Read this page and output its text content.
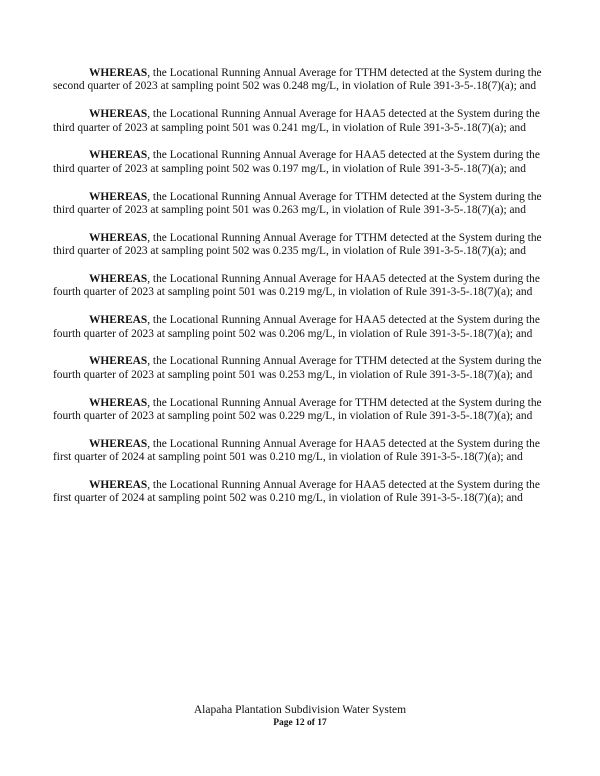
WHEREAS, the Locational Running Annual Average for TTHM detected at the System during the second quarter of 2023 at sampling point 502 was 0.248 mg/L, in violation of Rule 391-3-5-.18(7)(a); and

WHEREAS, the Locational Running Annual Average for HAA5 detected at the System during the third quarter of 2023 at sampling point 501 was 0.241 mg/L, in violation of Rule 391-3-5-.18(7)(a); and

WHEREAS, the Locational Running Annual Average for HAA5 detected at the System during the third quarter of 2023 at sampling point 502 was 0.197 mg/L, in violation of Rule 391-3-5-.18(7)(a); and

WHEREAS, the Locational Running Annual Average for TTHM detected at the System during the third quarter of 2023 at sampling point 501 was 0.263 mg/L, in violation of Rule 391-3-5-.18(7)(a); and

WHEREAS, the Locational Running Annual Average for TTHM detected at the System during the third quarter of 2023 at sampling point 502 was 0.235 mg/L, in violation of Rule 391-3-5-.18(7)(a); and

WHEREAS, the Locational Running Annual Average for HAA5 detected at the System during the fourth quarter of 2023 at sampling point 501 was 0.219 mg/L, in violation of Rule 391-3-5-.18(7)(a); and

WHEREAS, the Locational Running Annual Average for HAA5 detected at the System during the fourth quarter of 2023 at sampling point 502 was 0.206 mg/L, in violation of Rule 391-3-5-.18(7)(a); and

WHEREAS, the Locational Running Annual Average for TTHM detected at the System during the fourth quarter of 2023 at sampling point 501 was 0.253 mg/L, in violation of Rule 391-3-5-.18(7)(a); and

WHEREAS, the Locational Running Annual Average for TTHM detected at the System during the fourth quarter of 2023 at sampling point 502 was 0.229 mg/L, in violation of Rule 391-3-5-.18(7)(a); and

WHEREAS, the Locational Running Annual Average for HAA5 detected at the System during the first quarter of 2024 at sampling point 501 was 0.210 mg/L, in violation of Rule 391-3-5-.18(7)(a); and

WHEREAS, the Locational Running Annual Average for HAA5 detected at the System during the first quarter of 2024 at sampling point 502 was 0.210 mg/L, in violation of Rule 391-3-5-.18(7)(a); and

Alapaha Plantation Subdivision Water System
Page 12 of 17
